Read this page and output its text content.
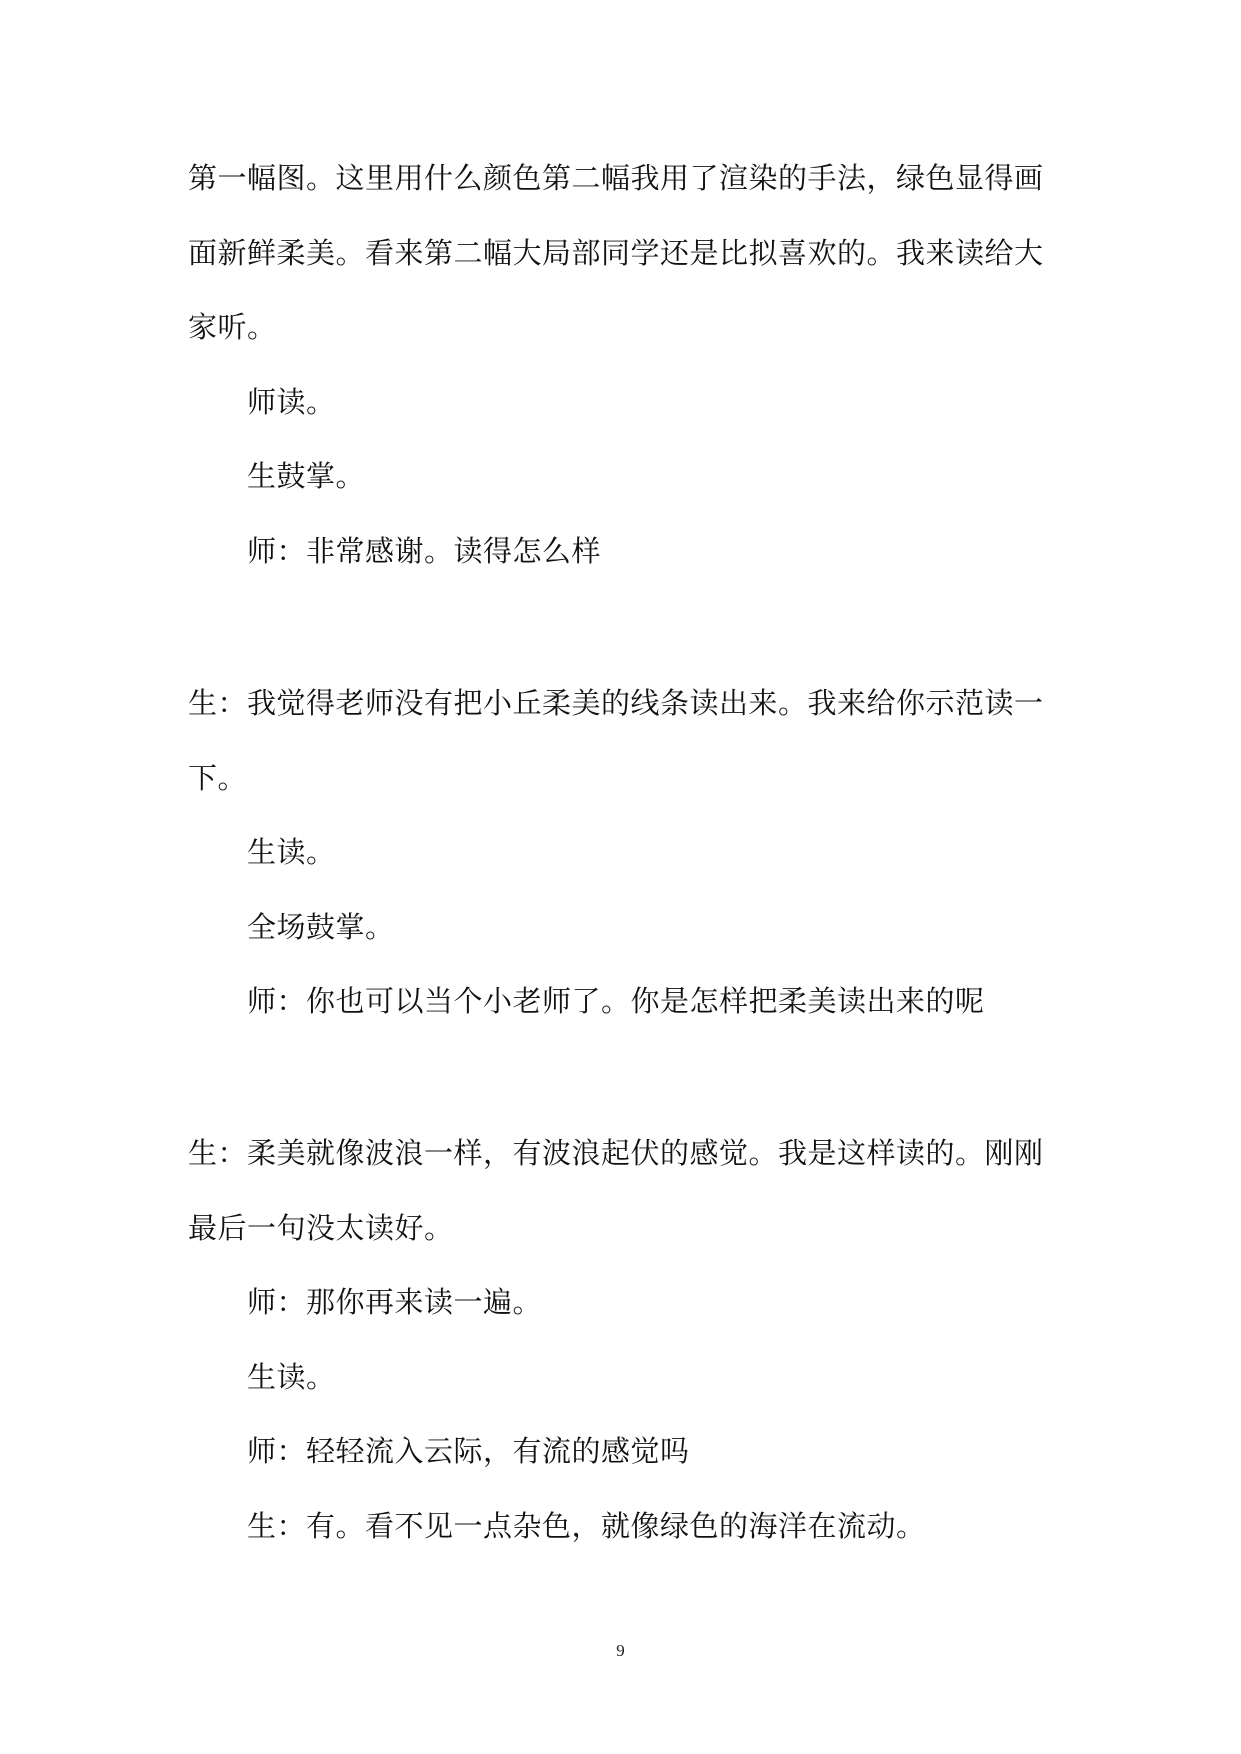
第一幅图。这里用什么颜色第二幅我用了渲染的手法，绿色显得画
面新鲜柔美。看来第二幅大局部同学还是比拟喜欢的。我来读给大
家听。
师读。
生鼓掌。
师：非常感谢。读得怎么样
生：我觉得老师没有把小丘柔美的线条读出来。我来给你示范读一
下。
生读。
全场鼓掌。
师：你也可以当个小老师了。你是怎样把柔美读出来的呢
生：柔美就像波浪一样，有波浪起伏的感觉。我是这样读的。刚刚
最后一句没太读好。
师：那你再来读一遍。
生读。
师：轻轻流入云际，有流的感觉吗
生：有。看不见一点杂色，就像绿色的海洋在流动。
9
